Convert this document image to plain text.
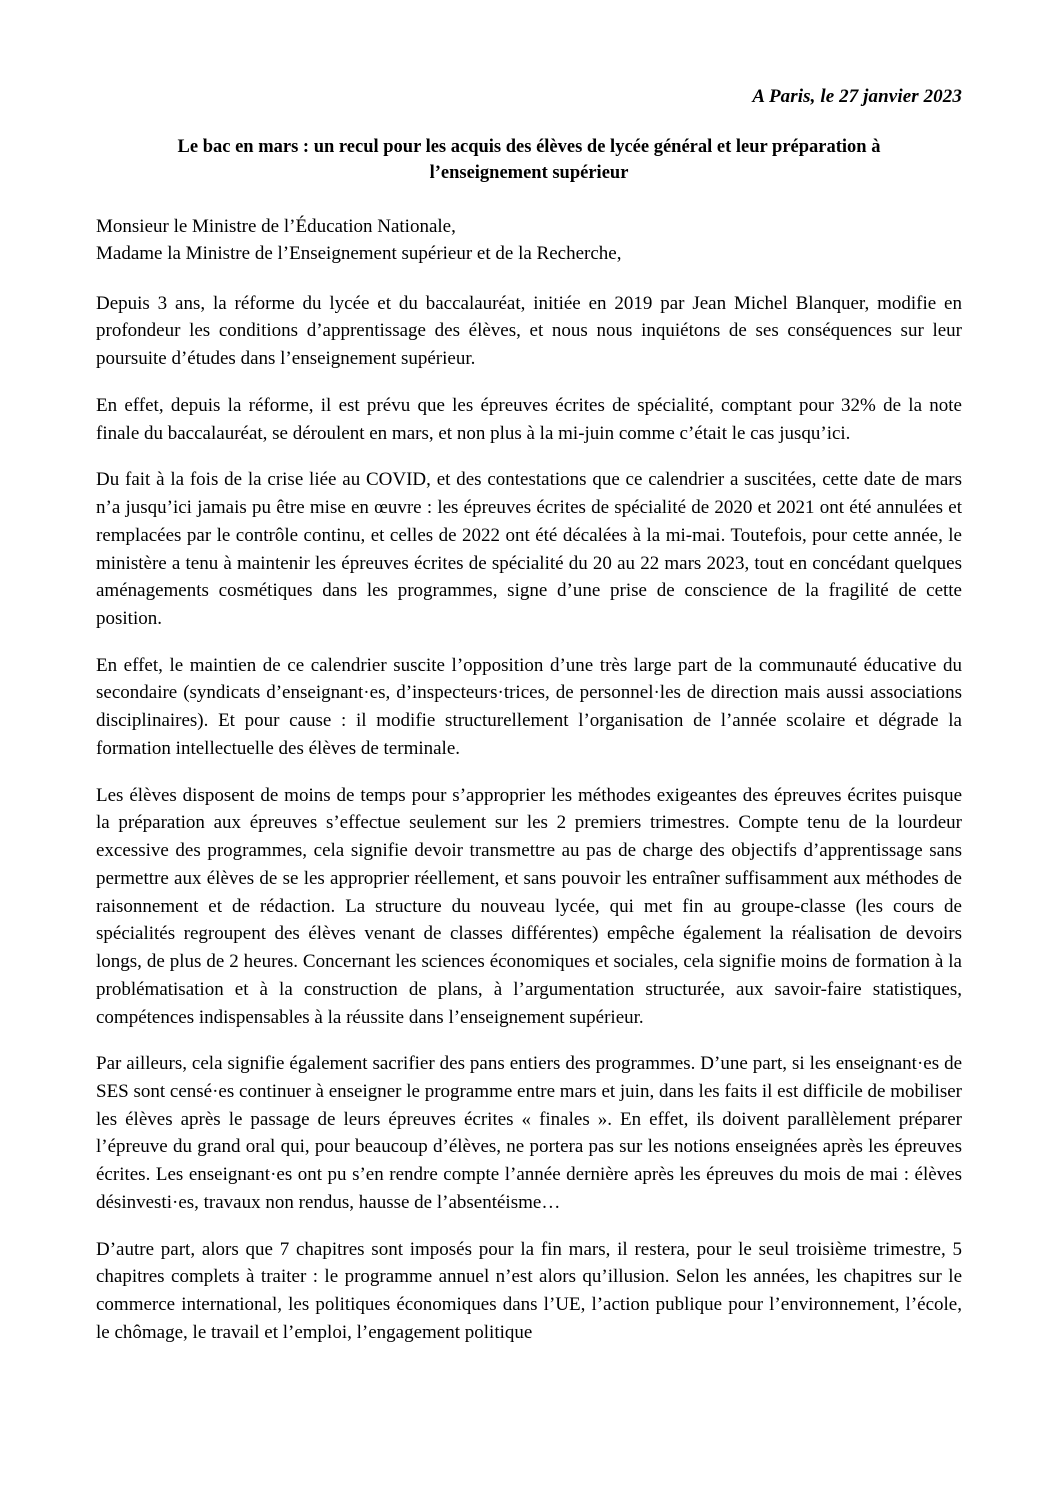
A Paris, le 27 janvier 2023
Le bac en mars : un recul pour les acquis des élèves de lycée général et leur préparation à l’enseignement supérieur
Monsieur le Ministre de l’Éducation Nationale,
Madame la Ministre de l’Enseignement supérieur et de la Recherche,

Depuis 3 ans, la réforme du lycée et du baccalauréat, initiée en 2019 par Jean Michel Blanquer, modifie en profondeur les conditions d’apprentissage des élèves, et nous nous inquiétons de ses conséquences sur leur poursuite d’études dans l’enseignement supérieur.

En effet, depuis la réforme, il est prévu que les épreuves écrites de spécialité, comptant pour 32% de la note finale du baccalauréat, se déroulent en mars, et non plus à la mi-juin comme c’était le cas jusqu’ici.

Du fait à la fois de la crise liée au COVID, et des contestations que ce calendrier a suscitées, cette date de mars n’a jusqu’ici jamais pu être mise en œuvre : les épreuves écrites de spécialité de 2020 et 2021 ont été annulées et remplacées par le contrôle continu, et celles de 2022 ont été décalées à la mi-mai. Toutefois, pour cette année, le ministère a tenu à maintenir les épreuves écrites de spécialité du 20 au 22 mars 2023, tout en concédant quelques aménagements cosmétiques dans les programmes, signe d’une prise de conscience de la fragilité de cette position.

En effet, le maintien de ce calendrier suscite l’opposition d’une très large part de la communauté éducative du secondaire (syndicats d’enseignant·es, d’inspecteurs·trices, de personnel·les de direction mais aussi associations disciplinaires). Et pour cause : il modifie structurellement l’organisation de l’année scolaire et dégrade la formation intellectuelle des élèves de terminale.

Les élèves disposent de moins de temps pour s’approprier les méthodes exigeantes des épreuves écrites puisque la préparation aux épreuves s’effectue seulement sur les 2 premiers trimestres. Compte tenu de la lourdeur excessive des programmes, cela signifie devoir transmettre au pas de charge des objectifs d’apprentissage sans permettre aux élèves de se les approprier réellement, et sans pouvoir les entraîner suffisamment aux méthodes de raisonnement et de rédaction. La structure du nouveau lycée, qui met fin au groupe-classe (les cours de spécialités regroupent des élèves venant de classes différentes) empêche également la réalisation de devoirs longs, de plus de 2 heures. Concernant les sciences économiques et sociales, cela signifie moins de formation à la problématisation et à la construction de plans, à l’argumentation structurée, aux savoir-faire statistiques, compétences indispensables à la réussite dans l’enseignement supérieur.

Par ailleurs, cela signifie également sacrifier des pans entiers des programmes. D’une part, si les enseignant·es de SES sont censé·es continuer à enseigner le programme entre mars et juin, dans les faits il est difficile de mobiliser les élèves après le passage de leurs épreuves écrites « finales ». En effet, ils doivent parallèlement préparer l’épreuve du grand oral qui, pour beaucoup d’élèves, ne portera pas sur les notions enseignées après les épreuves écrites. Les enseignant·es ont pu s’en rendre compte l’année dernière après les épreuves du mois de mai : élèves désinvesti·es, travaux non rendus, hausse de l’absentéisme…

D’autre part, alors que 7 chapitres sont imposés pour la fin mars, il restera, pour le seul troisième trimestre, 5 chapitres complets à traiter : le programme annuel n’est alors qu’illusion. Selon les années, les chapitres sur le commerce international, les politiques économiques dans l’UE, l’action publique pour l’environnement, l’école, le chômage, le travail et l’emploi, l’engagement politique
